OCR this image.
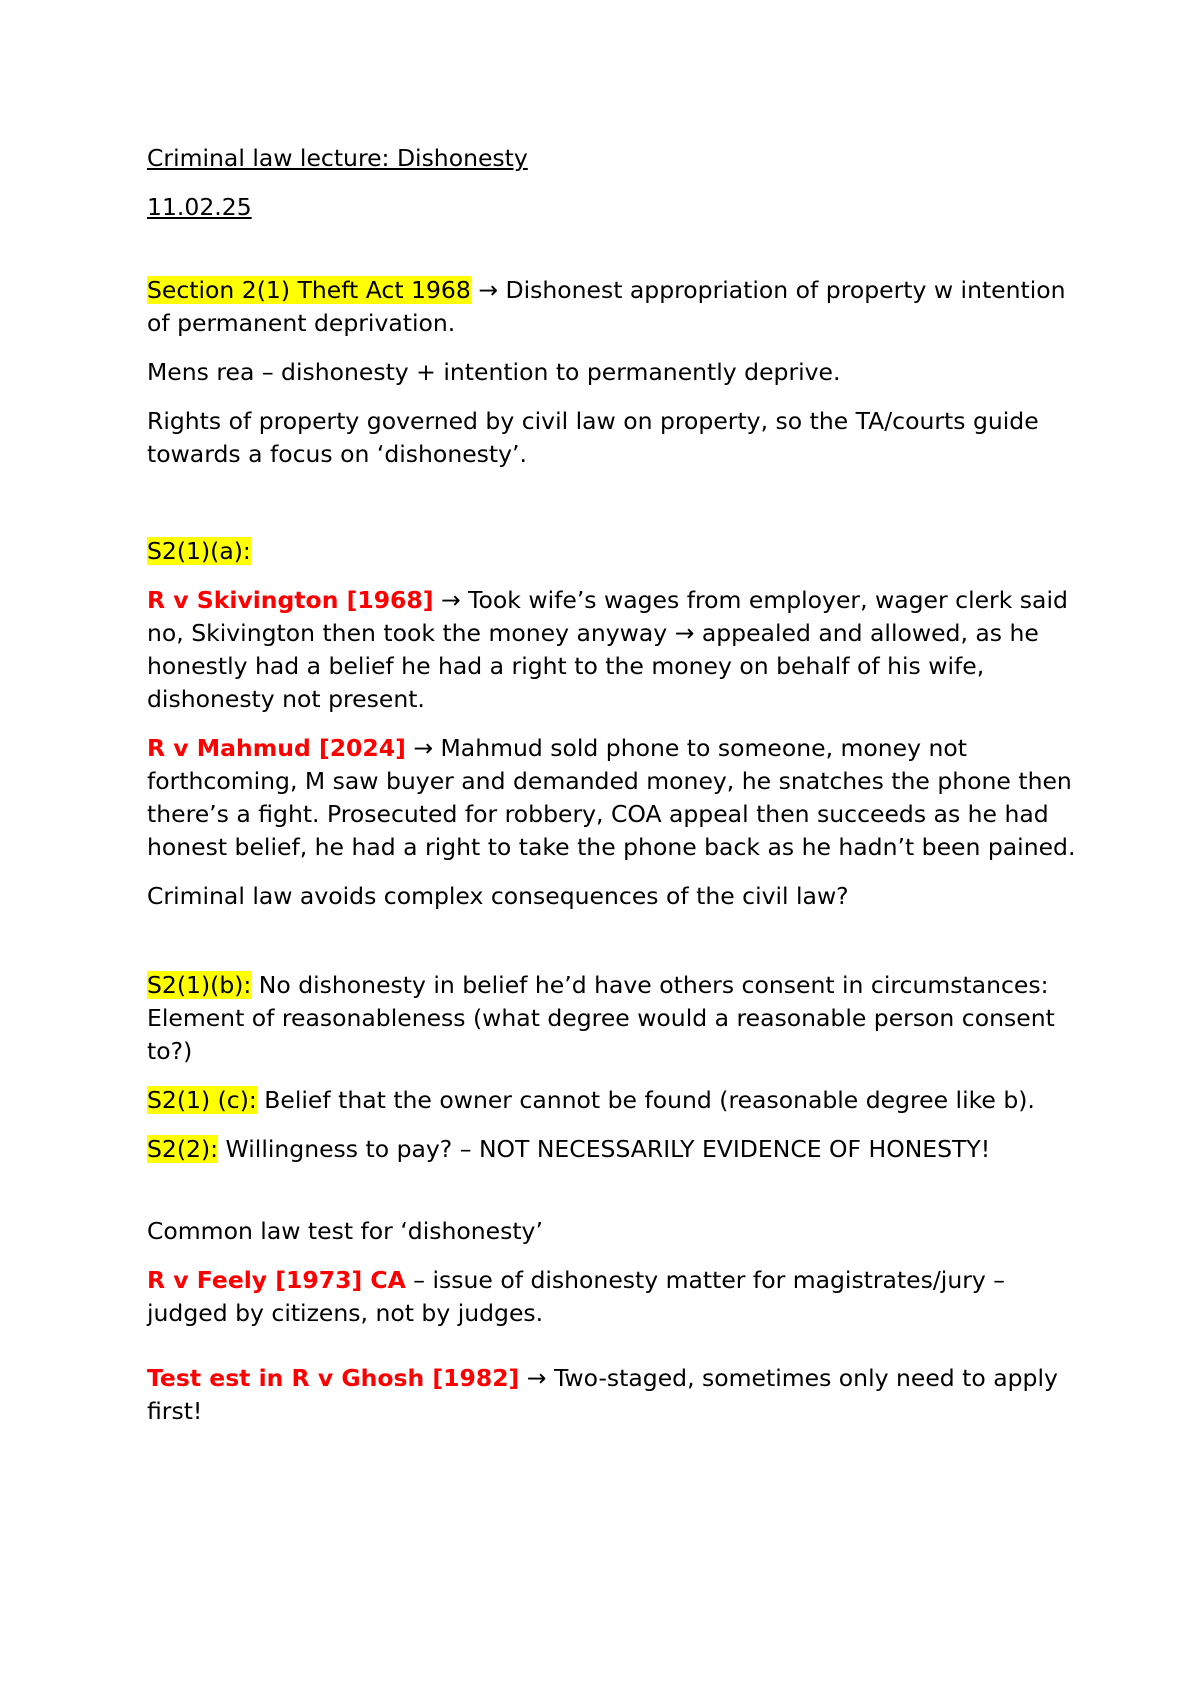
Criminal law lecture: Dishonesty

11.02.25

Section 2(1) Theft Act 1968 → Dishonest appropriation of property w intention of permanent deprivation.

Mens rea – dishonesty + intention to permanently deprive.

Rights of property governed by civil law on property, so the TA/courts guide towards a focus on ‘dishonesty’.

S2(1)(a):

R v Skivington [1968] → Took wife’s wages from employer, wager clerk said no, Skivington then took the money anyway → appealed and allowed, as he honestly had a belief he had a right to the money on behalf of his wife, dishonesty not present.

R v Mahmud [2024] → Mahmud sold phone to someone, money not forthcoming, M saw buyer and demanded money, he snatches the phone then there’s a fight. Prosecuted for robbery, COA appeal then succeeds as he had honest belief, he had a right to take the phone back as he hadn’t been pained.

Criminal law avoids complex consequences of the civil law?

S2(1)(b): No dishonesty in belief he’d have others consent in circumstances: Element of reasonableness (what degree would a reasonable person consent to?)

S2(1) (c): Belief that the owner cannot be found (reasonable degree like b).

S2(2): Willingness to pay? – NOT NECESSARILY EVIDENCE OF HONESTY!

Common law test for ‘dishonesty’

R v Feely [1973] CA – issue of dishonesty matter for magistrates/jury – judged by citizens, not by judges.

Test est in R v Ghosh [1982] → Two-staged, sometimes only need to apply first!
